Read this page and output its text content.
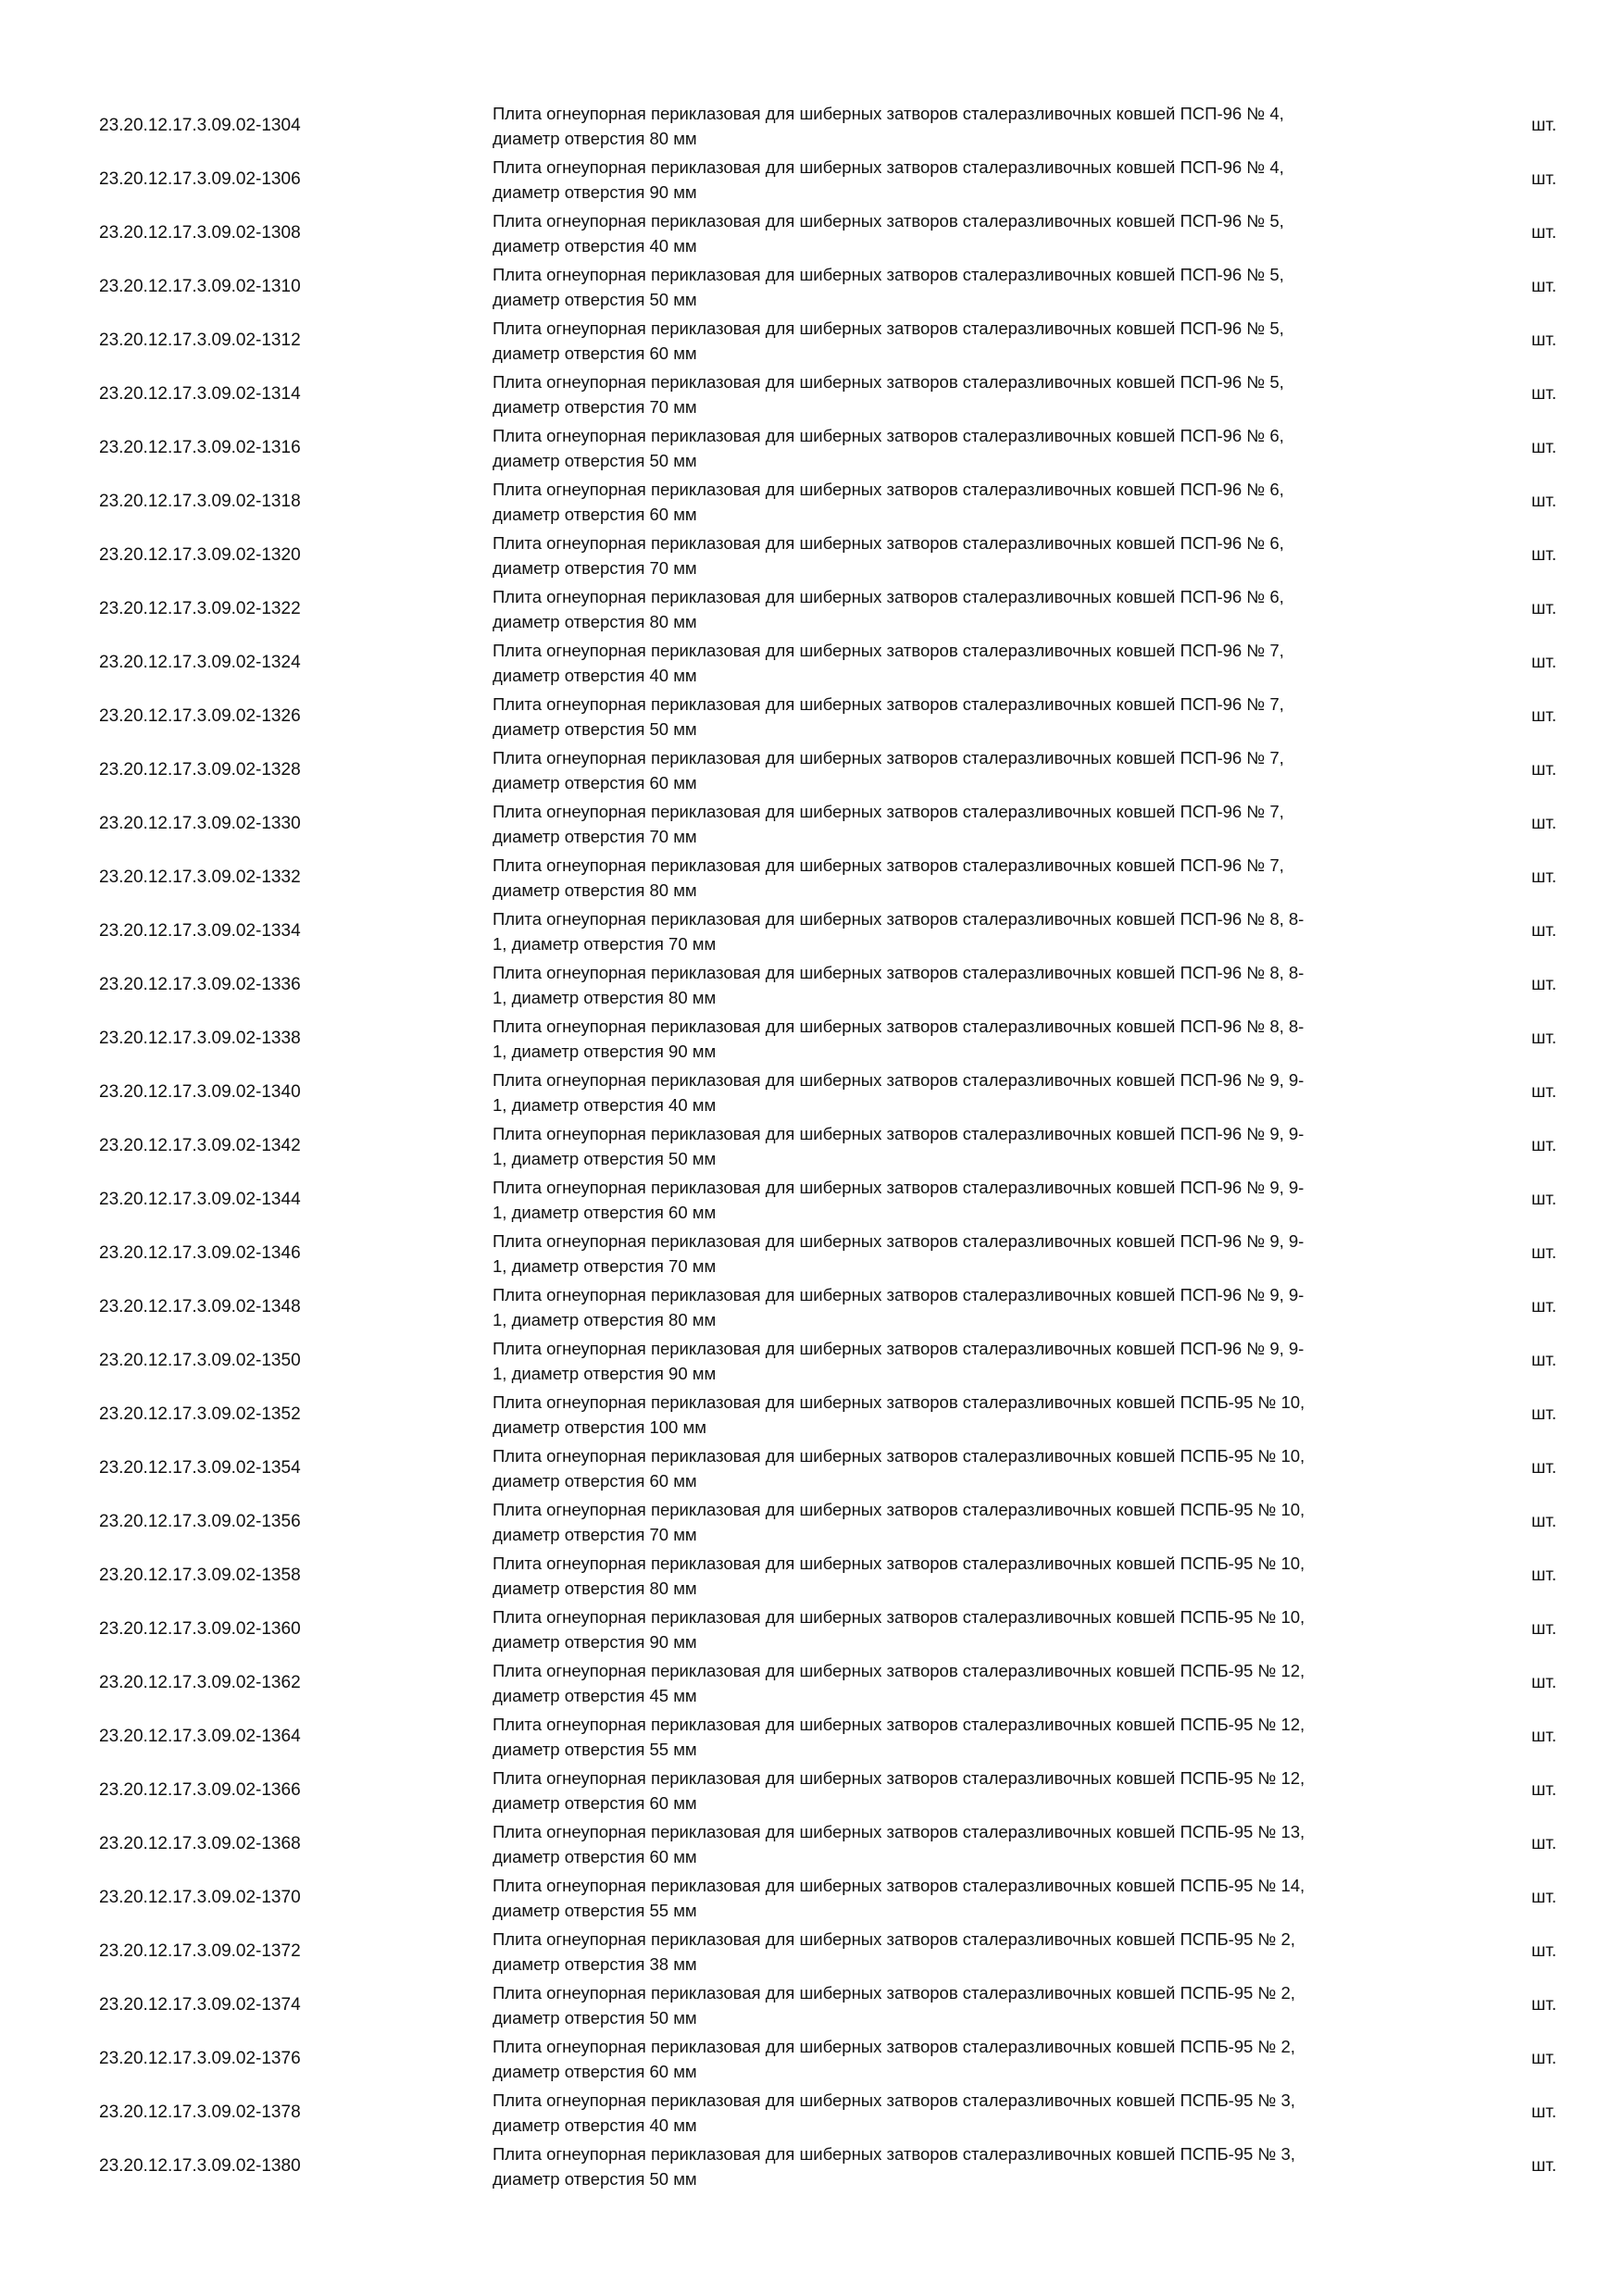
23.20.12.17.3.09.02-1304
Плита огнеупорная периклазовая для шиберных затворов сталеразливочных ковшей ПСП-96 № 4,
диаметр отверстия 80 мм
шт.
23.20.12.17.3.09.02-1306
Плита огнеупорная периклазовая для шиберных затворов сталеразливочных ковшей ПСП-96 № 4,
диаметр отверстия 90 мм
шт.
23.20.12.17.3.09.02-1308
Плита огнеупорная периклазовая для шиберных затворов сталеразливочных ковшей ПСП-96 № 5,
диаметр отверстия 40 мм
шт.
23.20.12.17.3.09.02-1310
Плита огнеупорная периклазовая для шиберных затворов сталеразливочных ковшей ПСП-96 № 5,
диаметр отверстия 50 мм
шт.
23.20.12.17.3.09.02-1312
Плита огнеупорная периклазовая для шиберных затворов сталеразливочных ковшей ПСП-96 № 5,
диаметр отверстия 60 мм
шт.
23.20.12.17.3.09.02-1314
Плита огнеупорная периклазовая для шиберных затворов сталеразливочных ковшей ПСП-96 № 5,
диаметр отверстия 70 мм
шт.
23.20.12.17.3.09.02-1316
Плита огнеупорная периклазовая для шиберных затворов сталеразливочных ковшей ПСП-96 № 6,
диаметр отверстия 50 мм
шт.
23.20.12.17.3.09.02-1318
Плита огнеупорная периклазовая для шиберных затворов сталеразливочных ковшей ПСП-96 № 6,
диаметр отверстия 60 мм
шт.
23.20.12.17.3.09.02-1320
Плита огнеупорная периклазовая для шиберных затворов сталеразливочных ковшей ПСП-96 № 6,
диаметр отверстия 70 мм
шт.
23.20.12.17.3.09.02-1322
Плита огнеупорная периклазовая для шиберных затворов сталеразливочных ковшей ПСП-96 № 6,
диаметр отверстия 80 мм
шт.
23.20.12.17.3.09.02-1324
Плита огнеупорная периклазовая для шиберных затворов сталеразливочных ковшей ПСП-96 № 7,
диаметр отверстия 40 мм
шт.
23.20.12.17.3.09.02-1326
Плита огнеупорная периклазовая для шиберных затворов сталеразливочных ковшей ПСП-96 № 7,
диаметр отверстия 50 мм
шт.
23.20.12.17.3.09.02-1328
Плита огнеупорная периклазовая для шиберных затворов сталеразливочных ковшей ПСП-96 № 7,
диаметр отверстия 60 мм
шт.
23.20.12.17.3.09.02-1330
Плита огнеупорная периклазовая для шиберных затворов сталеразливочных ковшей ПСП-96 № 7,
диаметр отверстия 70 мм
шт.
23.20.12.17.3.09.02-1332
Плита огнеупорная периклазовая для шиберных затворов сталеразливочных ковшей ПСП-96 № 7,
диаметр отверстия 80 мм
шт.
23.20.12.17.3.09.02-1334
Плита огнеупорная периклазовая для шиберных затворов сталеразливочных ковшей ПСП-96 № 8, 8-
1, диаметр отверстия 70 мм
шт.
23.20.12.17.3.09.02-1336
Плита огнеупорная периклазовая для шиберных затворов сталеразливочных ковшей ПСП-96 № 8, 8-
1, диаметр отверстия 80 мм
шт.
23.20.12.17.3.09.02-1338
Плита огнеупорная периклазовая для шиберных затворов сталеразливочных ковшей ПСП-96 № 8, 8-
1, диаметр отверстия 90 мм
шт.
23.20.12.17.3.09.02-1340
Плита огнеупорная периклазовая для шиберных затворов сталеразливочных ковшей ПСП-96 № 9, 9-
1, диаметр отверстия 40 мм
шт.
23.20.12.17.3.09.02-1342
Плита огнеупорная периклазовая для шиберных затворов сталеразливочных ковшей ПСП-96 № 9, 9-
1, диаметр отверстия 50 мм
шт.
23.20.12.17.3.09.02-1344
Плита огнеупорная периклазовая для шиберных затворов сталеразливочных ковшей ПСП-96 № 9, 9-
1, диаметр отверстия 60 мм
шт.
23.20.12.17.3.09.02-1346
Плита огнеупорная периклазовая для шиберных затворов сталеразливочных ковшей ПСП-96 № 9, 9-
1, диаметр отверстия 70 мм
шт.
23.20.12.17.3.09.02-1348
Плита огнеупорная периклазовая для шиберных затворов сталеразливочных ковшей ПСП-96 № 9, 9-
1, диаметр отверстия 80 мм
шт.
23.20.12.17.3.09.02-1350
Плита огнеупорная периклазовая для шиберных затворов сталеразливочных ковшей ПСП-96 № 9, 9-
1, диаметр отверстия 90 мм
шт.
23.20.12.17.3.09.02-1352
Плита огнеупорная периклазовая для шиберных затворов сталеразливочных ковшей ПСПБ-95 № 10,
диаметр отверстия 100 мм
шт.
23.20.12.17.3.09.02-1354
Плита огнеупорная периклазовая для шиберных затворов сталеразливочных ковшей ПСПБ-95 № 10,
диаметр отверстия 60 мм
шт.
23.20.12.17.3.09.02-1356
Плита огнеупорная периклазовая для шиберных затворов сталеразливочных ковшей ПСПБ-95 № 10,
диаметр отверстия 70 мм
шт.
23.20.12.17.3.09.02-1358
Плита огнеупорная периклазовая для шиберных затворов сталеразливочных ковшей ПСПБ-95 № 10,
диаметр отверстия 80 мм
шт.
23.20.12.17.3.09.02-1360
Плита огнеупорная периклазовая для шиберных затворов сталеразливочных ковшей ПСПБ-95 № 10,
диаметр отверстия 90 мм
шт.
23.20.12.17.3.09.02-1362
Плита огнеупорная периклазовая для шиберных затворов сталеразливочных ковшей ПСПБ-95 № 12,
диаметр отверстия 45 мм
шт.
23.20.12.17.3.09.02-1364
Плита огнеупорная периклазовая для шиберных затворов сталеразливочных ковшей ПСПБ-95 № 12,
диаметр отверстия 55 мм
шт.
23.20.12.17.3.09.02-1366
Плита огнеупорная периклазовая для шиберных затворов сталеразливочных ковшей ПСПБ-95 № 12,
диаметр отверстия 60 мм
шт.
23.20.12.17.3.09.02-1368
Плита огнеупорная периклазовая для шиберных затворов сталеразливочных ковшей ПСПБ-95 № 13,
диаметр отверстия 60 мм
шт.
23.20.12.17.3.09.02-1370
Плита огнеупорная периклазовая для шиберных затворов сталеразливочных ковшей ПСПБ-95 № 14,
диаметр отверстия 55 мм
шт.
23.20.12.17.3.09.02-1372
Плита огнеупорная периклазовая для шиберных затворов сталеразливочных ковшей ПСПБ-95 № 2,
диаметр отверстия 38 мм
шт.
23.20.12.17.3.09.02-1374
Плита огнеупорная периклазовая для шиберных затворов сталеразливочных ковшей ПСПБ-95 № 2,
диаметр отверстия 50 мм
шт.
23.20.12.17.3.09.02-1376
Плита огнеупорная периклазовая для шиберных затворов сталеразливочных ковшей ПСПБ-95 № 2,
диаметр отверстия 60 мм
шт.
23.20.12.17.3.09.02-1378
Плита огнеупорная периклазовая для шиберных затворов сталеразливочных ковшей ПСПБ-95 № 3,
диаметр отверстия 40 мм
шт.
23.20.12.17.3.09.02-1380
Плита огнеупорная периклазовая для шиберных затворов сталеразливочных ковшей ПСПБ-95 № 3,
диаметр отверстия 50 мм
шт.
